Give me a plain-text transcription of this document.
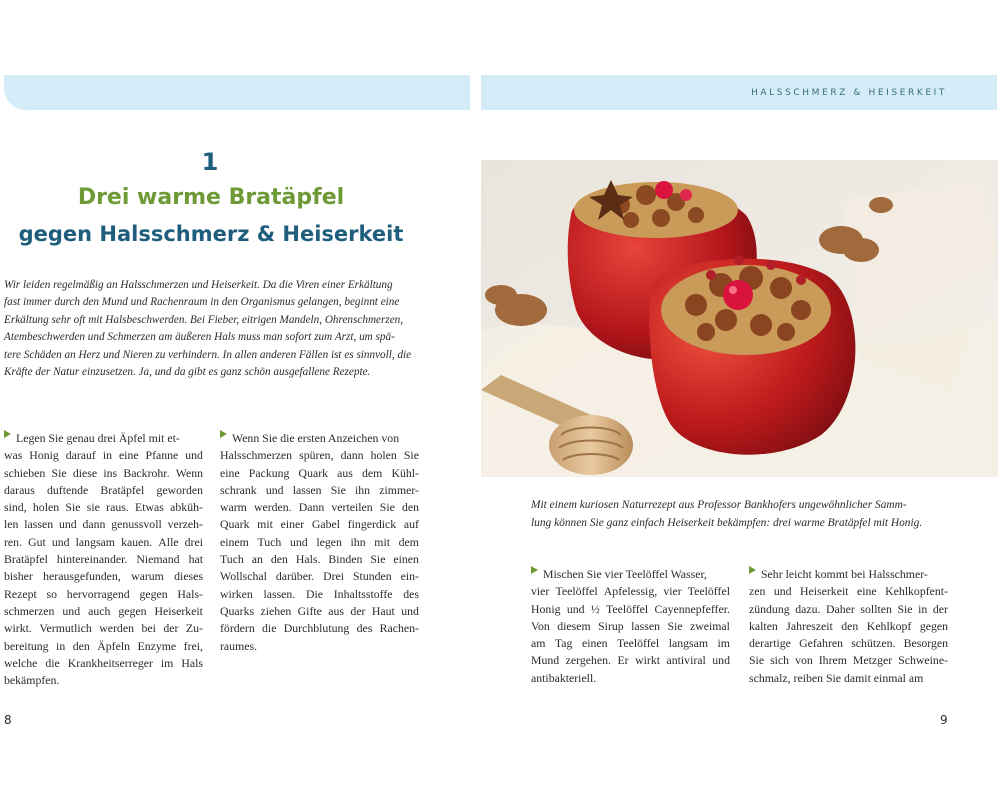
HALSSCHMERZ & HEISERKEIT
1
Drei warme Bratäpfel
gegen Halsschmerz & Heiserkeit

Wir leiden regelmäßig an Halsschmerzen und Heiserkeit. Da die Viren einer Erkältung

fast immer durch den Mund und Rachenraum in den Organismus gelangen, beginnt eine

Erkältung sehr oft mit Halsbeschwerden. Bei Fieber, eitrigen Mandeln, Ohrenschmerzen,

Atembeschwerden und Schmerzen am äußeren Hals muss man sofort zum Arzt, um spä-

tere Schäden an Herz und Nieren zu verhindern. In allen anderen Fällen ist es sinnvoll, die

Kräfte der Natur einzusetzen. Ja, und da gibt es ganz schön ausgefallene Rezepte.

Legen Sie genau drei Äpfel mit et-

was Honig darauf in eine Pfanne und

schieben Sie diese ins Backrohr. Wenn

daraus duftende Bratäpfel geworden

sind, holen Sie sie raus. Etwas abküh-

len lassen und dann genussvoll verzeh-

ren. Gut und langsam kauen. Alle drei

Bratäpfel hintereinander. Niemand hat

bisher herausgefunden, warum dieses

Rezept so hervorragend gegen Hals-

schmerzen und auch gegen Heiserkeit

wirkt. Vermutlich werden bei der Zu-

bereitung in den Äpfeln Enzyme frei,

welche die Krankheitserreger im Hals

bekämpfen.

Wenn Sie die ersten Anzeichen von

Halsschmerzen spüren, dann holen Sie

eine Packung Quark aus dem Kühl-

schrank und lassen Sie ihn zimmer-

warm werden. Dann verteilen Sie den

Quark mit einer Gabel fingerdick auf

einem Tuch und legen ihn mit dem

Tuch an den Hals. Binden Sie einen

Wollschal darüber. Drei Stunden ein-

wirken lassen. Die Inhaltsstoffe des

Quarks ziehen Gifte aus der Haut und

fördern die Durchblutung des Rachen-

raumes.

Mit einem kuriosen Naturrezept aus Professor Bankhofers ungewöhnlicher Samm-

lung können Sie ganz einfach Heiserkeit bekämpfen: drei warme Bratäpfel mit Honig.

Mischen Sie vier Teelöffel Wasser,

vier Teelöffel Apfelessig, vier Teelöffel

Honig und ½ Teelöffel Cayennepfeffer.

Von diesem Sirup lassen Sie zweimal

am Tag einen Teelöffel langsam im

Mund zergehen. Er wirkt antiviral und

antibakteriell.

Sehr leicht kommt bei Halsschmer-

zen und Heiserkeit eine Kehlkopfent-

zündung dazu. Daher sollten Sie in der

kalten Jahreszeit den Kehlkopf gegen

derartige Gefahren schützen. Besorgen

Sie sich von Ihrem Metzger Schweine-

schmalz, reiben Sie damit einmal am

8	9
